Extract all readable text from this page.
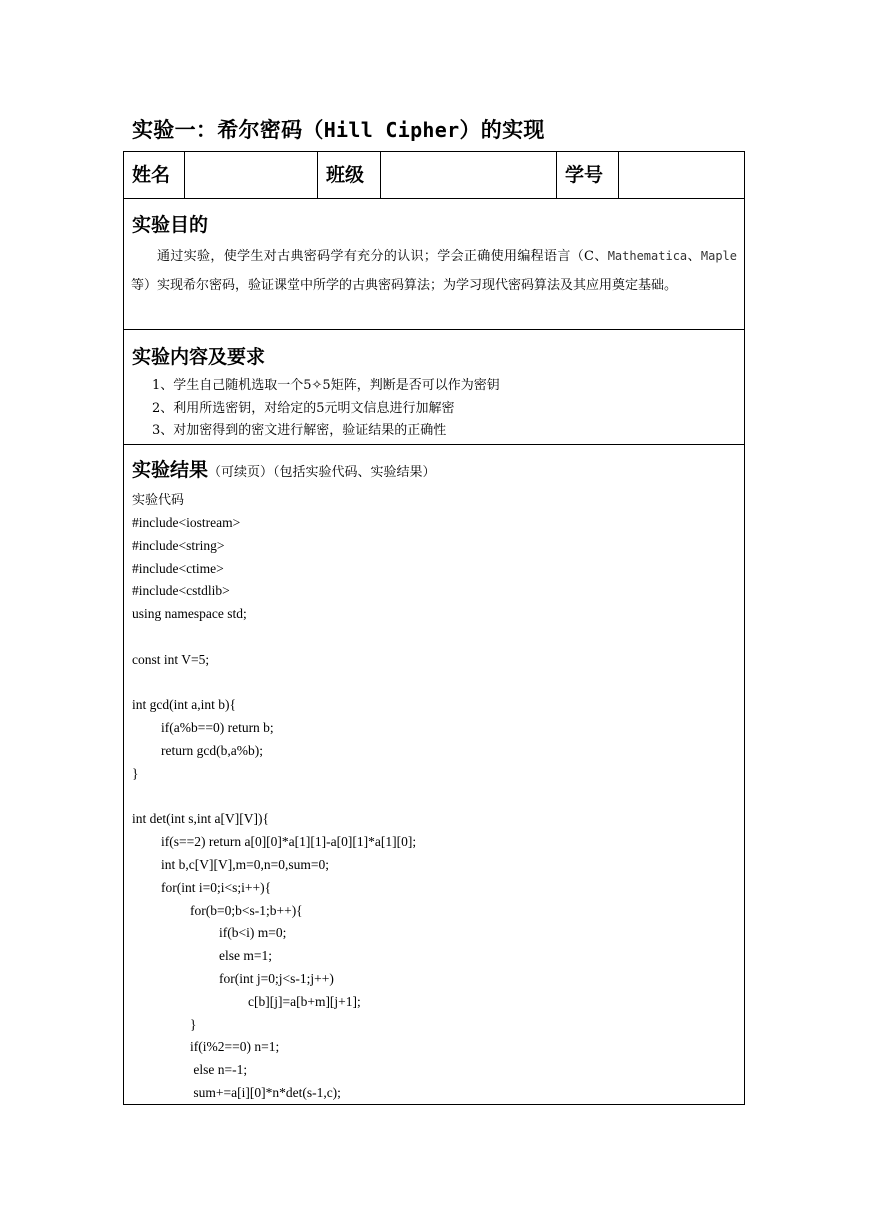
实验一：希尔密码（Hill Cipher）的实现
姓名	班级	学号
实验目的
通过实验，使学生对古典密码学有充分的认识；学会正确使用编程语言（C、Mathematica、Maple等）实现希尔密码，验证课堂中所学的古典密码算法；为学习现代密码算法及其应用奠定基础。
实验内容及要求
1、学生自己随机选取一个5✧5矩阵，判断是否可以作为密钥
2、利用所选密钥，对给定的5元明文信息进行加解密
3、对加密得到的密文进行解密，验证结果的正确性
实验结果（可续页）（包括实验代码、实验结果）
实验代码
#include<iostream>
#include<string>
#include<ctime>
#include<cstdlib>
using namespace std;
const int V=5;
int gcd(int a,int b){
if(a%b==0) return b;
return gcd(b,a%b);
}
int det(int s,int a[V][V]){
if(s==2) return a[0][0]*a[1][1]-a[0][1]*a[1][0];
int b,c[V][V],m=0,n=0,sum=0;
for(int i=0;i<s;i++){
for(b=0;b<s-1;b++){
if(b<i) m=0;
else m=1;
for(int j=0;j<s-1;j++)
c[b][j]=a[b+m][j+1];
}
if(i%2==0) n=1;
else n=-1;
sum+=a[i][0]*n*det(s-1,c);
